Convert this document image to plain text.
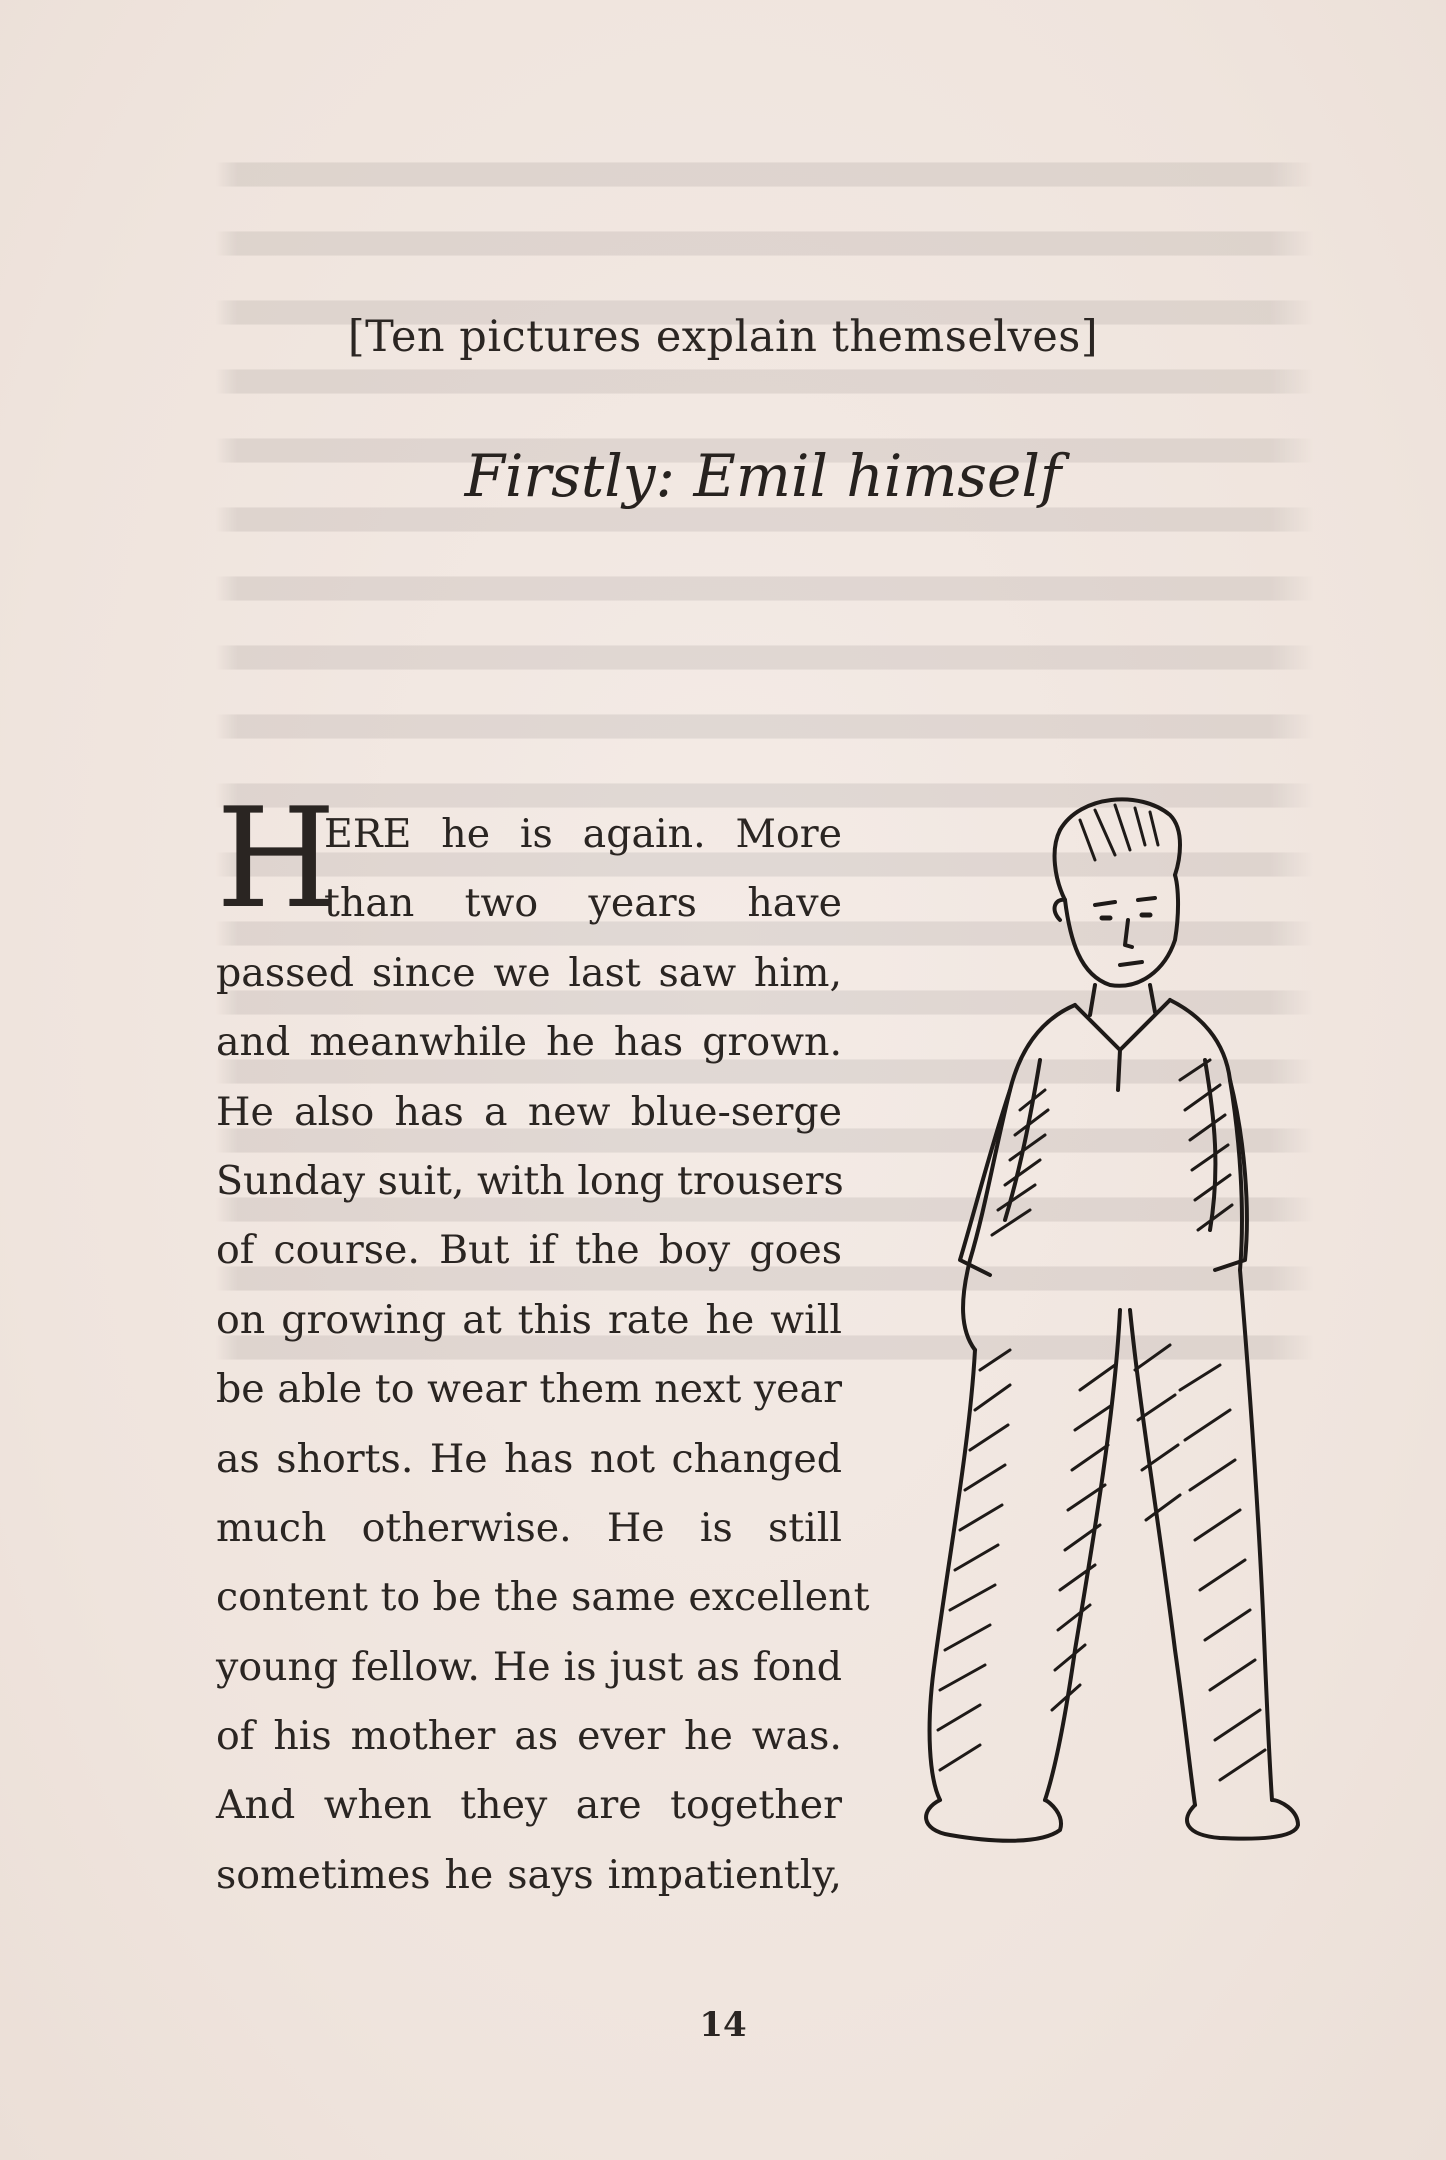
[Ten pictures explain themselves]
Firstly: Emil himself
H
ERE he is again. More
than two years have
passed since we last saw him,
and meanwhile he has grown.
He also has a new blue-serge
Sunday suit, with long trousers
of course. But if the boy goes
on growing at this rate he will
be able to wear them next year
as shorts. He has not changed
much otherwise. He is still
content to be the same excellent
young fellow. He is just as fond
of his mother as ever he was.
And when they are together
sometimes he says impatiently,
14
